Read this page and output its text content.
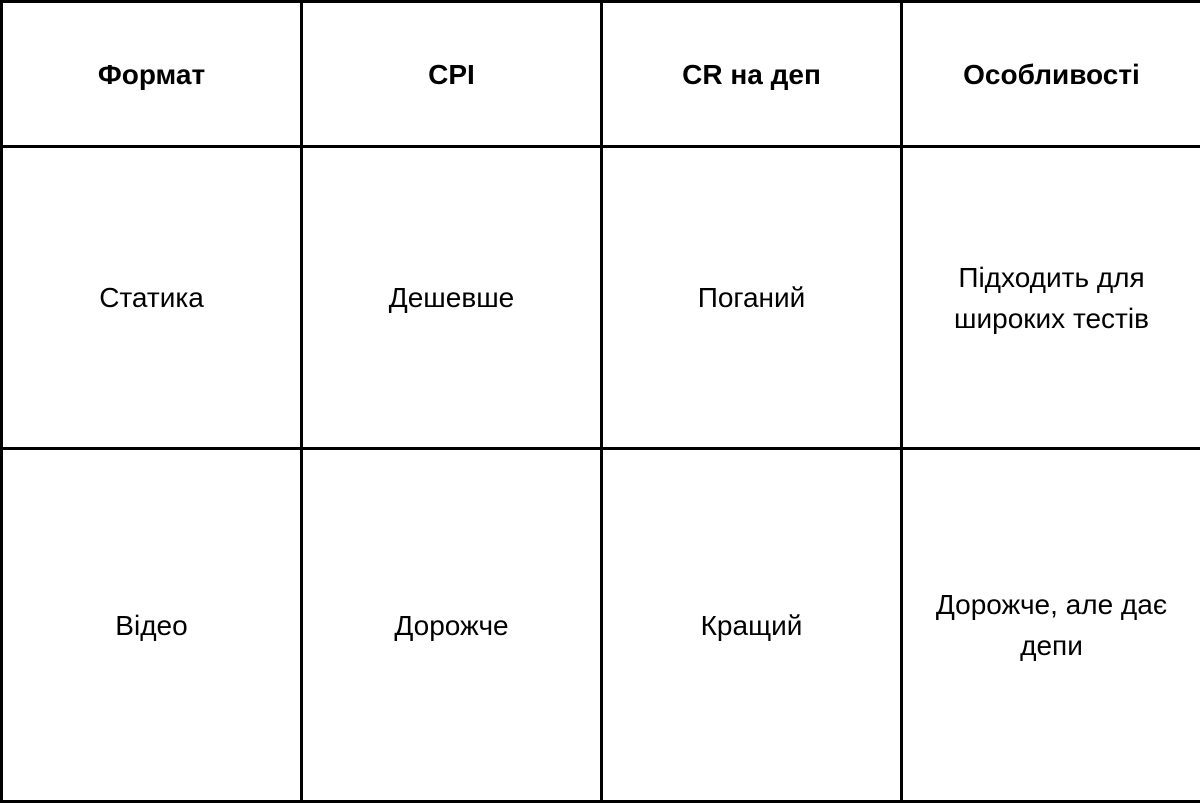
Формат	CPI	CR на деп	Особливості
Статика	Дешевше	Поганий	Підходить для широких тестів
Відео	Дорожче	Кращий	Дорожче, але дає депи
